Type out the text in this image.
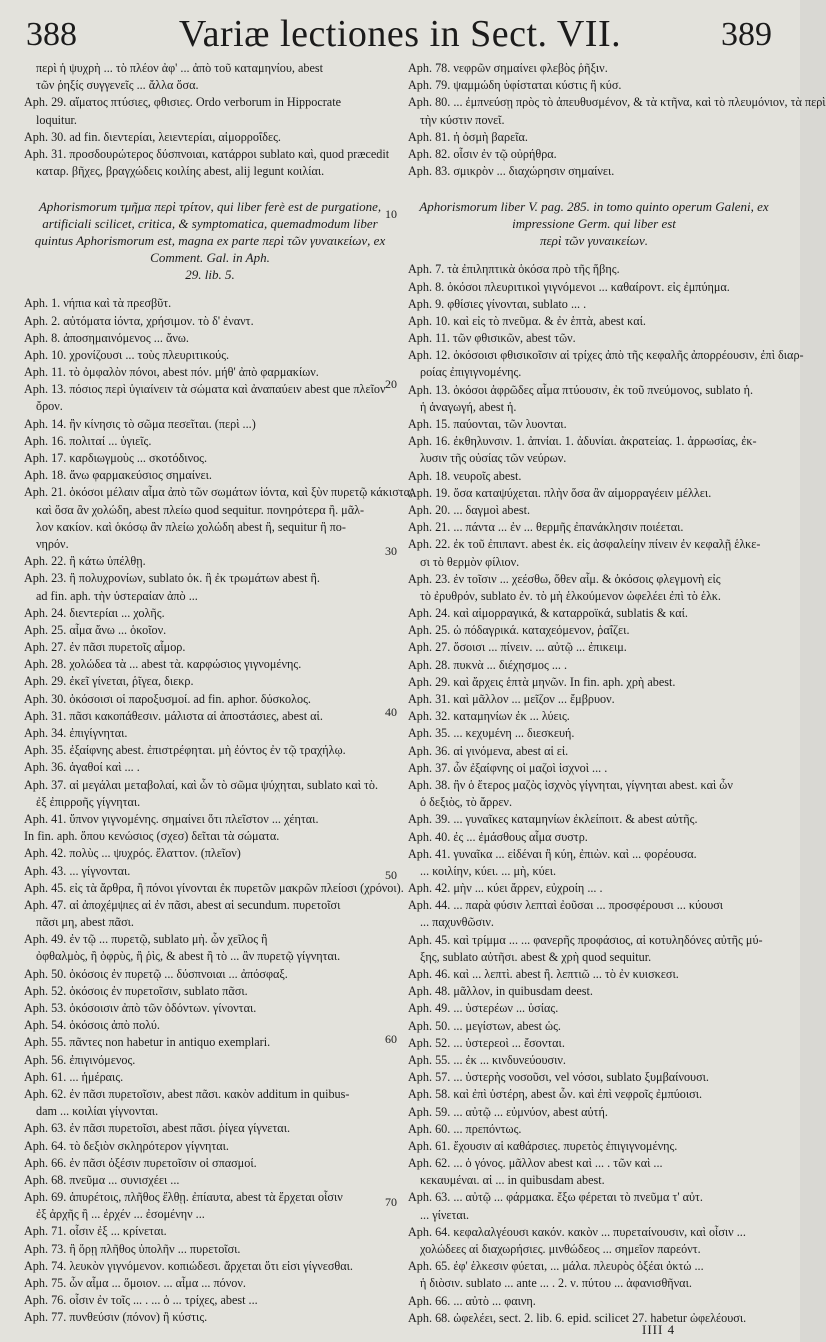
388	Variæ lectiones in Sect. VII.	389
περὶ ἡ ψυχρὴ ... τὸ πλέον ἀφ' ... ἀπὸ τοῦ καταμηνίου, abest
τῶν ῥηξίς συγγενεῖς ... ἄλλα ὅσα.
Aph. 29. αἵματος πτύσιες, φθισιες. Ordo verborum in Hippocrate
loquitur.
Aph. 30. ad fin. διεντερίαι, λειεντερίαι, αἱμορροΐδες.
Aph. 31. προσδουρώτερος δύσπνοιαι, κατάρροι sublato καὶ, quod præcedit
καταρ. βῆχες, βραγχώδεις κοιλίης abest, alij legunt κοιλίαι.
Aphorismorum τμῆμα περὶ τρίτον, qui liber ferè est de purgatione, artificiali scilicet, critica, & symptomatica, quemadmodum liber quintus Aphorismorum est, magna ex parte περὶ τῶν γυναικείων, ex Comment. Gal. in Aph.
29. lib. 5.
Aph. 1. νήπια καὶ τὰ πρεσβῦτ.
Aph. 2. αὐτόματα ἰόντα, χρήσιμον. τὸ δ' ἐναντ.
Aph. 8. ἀποσημαινόμενος ... ἄνω.
Aph. 10. χρονίζουσι ... τοὺς πλευριτικούς.
Aph. 11. τὸ ὀμφαλὸν πόνοι, abest πόν. μήθ' ἀπὸ φαρμακίων.
Aph. 13. πόσιος περὶ ὑγιαίνειν τὰ σώματα καὶ ἀναπαύειν abest que πλεῖον
ὄρον.
Aph. 14. ἢν κίνησις τὸ σῶμα πεσεῖται. (περὶ ...)
Aph. 16. πολιταί ... ὑγιεῖς.
Aph. 17. καρδιωγμοὺς ... σκοτόδινος.
Aph. 18. ἄνω φαρμακεύσιος σημαίνει.
Aph. 21. ὁκόσοι μέλαιν αἷμα ἀπὸ τῶν σωμάτων ἰόντα, καὶ ξὺν πυρετῷ κάκιστα,
καὶ ὅσα ἂν χολώδη, abest πλείω quod sequitur. πονηρότερα ἢ. μᾶλ-
λον κακίον. καὶ ὁκόσῳ ἂν πλείω χολώδη abest ἢ, sequitur ἢ πο-
νηρόν.
Aph. 22. ἢ κάτω ὑπέλθῃ.
Aph. 23. ἢ πολυχρονίων, sublato ὁκ. ἢ ἐκ τρωμάτων abest ἢ.
ad fin. aph. τὴν ὑστεραίαν ἀπὸ ...
Aph. 24. διεντερίαι ... χολῆς.
Aph. 25. αἷμα ἄνω ... ὁκοῖον.
Aph. 27. ἐν πᾶσι πυρετοῖς αἷμορ.
Aph. 28. χολώδεα τὰ ... abest τὰ. καρφώσιος γιγνομένης.
Aph. 29. ἐκεῖ γίνεται, ῥῖγεα, διεκρ.
Aph. 30. ὁκόσοισι οἱ παροξυσμοί. ad fin. aphor. δύσκολος.
Aph. 31. πᾶσι κακοπάθεσιν. μάλιστα αἱ ἀποστάσιες, abest αἱ.
Aph. 34. ἐπιγίγνηται.
Aph. 35. ἐξαίφνης abest. ἐπιστρέφηται. μὴ ἐόντος ἐν τῷ τραχήλῳ.
Aph. 36. ἀγαθοί καὶ ... .
Aph. 37. αἱ μεγάλαι μεταβολαί, καὶ ὧν τὸ σῶμα ψύχηται, sublato καὶ τὸ.
ἐξ ἐπιρροῆς γίγνηται.
Aph. 41. ὕπνον γιγνομένης. σημαίνει ὅτι πλεῖστον ... χέηται.
In fin. aph. ὅπου κενώσιος (σχεσ) δεῖται τὰ σώματα.
Aph. 42. πολὺς ... ψυχρός. ἔλαττον. (πλεῖον)
Aph. 43. ... γίγνονται.
Aph. 45. εἰς τὰ ἄρθρα, ἢ πόνοι γίνονται ἐκ πυρετῶν μακρῶν πλείοσι (χρόνοι).
Aph. 47. αἱ ἀποχέμψιες αἱ ἐν πᾶσι, abest αἱ secundum. πυρετοῖσι
πᾶσι μη, abest πᾶσι.
Aph. 49. ἐν τῷ ... πυρετῷ, sublato μὴ. ὧν χεῖλος ἢ
ὀφθαλμὸς, ἢ ὀφρὺς, ἢ ῥὶς, & abest ἢ τὸ ... ἂν πυρετῷ γίγνηται.
Aph. 50. ὁκόσοις ἐν πυρετῷ ... δύσπνοιαι ... ἀπόσφαξ.
Aph. 52. ὁκόσοις ἐν πυρετοῖσιν, sublato πᾶσι.
Aph. 53. ὁκόσοισιν ἀπὸ τῶν ὀδόντων. γίνονται.
Aph. 54. ὁκόσοις ἀπὸ πολύ.
Aph. 55. πᾶντες non habetur in antiquo exemplari.
Aph. 56. ἐπιγινόμενος.
Aph. 61. ... ἡμέραις.
Aph. 62. ἐν πᾶσι πυρετοῖσιν, abest πᾶσι. κακὸν additum in quibus-
dam ... κοιλίαι γίγνονται.
Aph. 63. ἐν πᾶσι πυρετοῖσι, abest πᾶσι. ῥίγεα γίγνεται.
Aph. 64. τὸ δεξιὸν σκληρότερον γίγνηται.
Aph. 66. ἐν πᾶσι ὀξέσιν πυρετοῖσιν οἱ σπασμοί.
Aph. 68. πνεῦμα ... συνισχέει ...
Aph. 69. ἀπυρέτοις, πλῆθος ἔλθῃ. ἐπίαυτα, abest τὰ ἔρχεται οἷσιν
ἐξ ἀρχῆς ἢ ... ἐρχέν ... ἐσομένην ...
Aph. 71. οἷσιν ἐξ ... κρίνεται.
Aph. 73. ἢ ὅρῃ πλῆθος ὑπολῆν ... πυρετοῖσι.
Aph. 74. λευκὸν γιγνόμενον. κοπιώδεσι. ἄρχεται ὅτι εἰσι γίγνεσθαι.
Aph. 75. ὧν αἷμα ... ὅμοιον. ... αἷμα ... πόνον.
Aph. 76. οἷσιν ἐν τοῖς ... . ... ὁ ... τρίχες, abest ...
Aph. 77. πυνθεύσιν (πόνον) ἢ κύστις.
Aph. 78. νεφρῶν σημαίνει φλεβὸς ῥῆξιν.
Aph. 79. ψαμμώδη ὑφίσταται κύστις ἢ κύσ.
Aph. 80. ... ἐμπνεύσῃ πρὸς τὸ ἀπευθυσμένον, & τὰ κτῆνα, καὶ τὸ πλευμόνιον, τὰ περὶ
τὴν κύστιν πονεῖ.
Aph. 81. ἡ ὀσμὴ βαρεῖα.
Aph. 82. οἷσιν ἐν τῷ οὐρήθρα.
Aph. 83. σμικρὸν ... διαχώρησιν σημαίνει.
Aphorismorum liber V. pag. 285. in tomo quinto operum Galeni, ex impressione Germ. qui liber est
περὶ τῶν γυναικείων.
Aph. 7. τὰ ἐπιληπτικὰ ὁκόσα πρὸ τῆς ἥβης.
Aph. 8. ὁκόσοι πλευριτικοὶ γιγνόμενοι ... καθαίροντ. εἰς ἐμπύημα.
Aph. 9. φθίσιες γίνονται, sublato ... .
Aph. 10. καὶ εἰς τὸ πνεῦμα. & ἐν ἑπτὰ, abest καί.
Aph. 11. τῶν φθισικῶν, abest τῶν.
Aph. 12. ὁκόσοισι φθισικοῖσιν αἱ τρίχες ἀπὸ τῆς κεφαλῆς ἀπορρέουσιν, ἐπὶ διαρ-
ροίας ἐπιγιγνομένης.
Aph. 13. ὁκόσοι ἀφρῶδες αἷμα πτύουσιν, ἐκ τοῦ πνεύμονος, sublato ἡ.
ἡ ἀναγωγή, abest ἡ.
Aph. 15. παύονται, τῶν λυονται.
Aph. 16. ἐκθηλυνσιν. 1. ἀπνίαι. 1. ἀδυνίαι. ἀκρατείας. 1. ἀρρωσίας, ἐκ-
λυσιν τῆς οὐσίας τῶν νεύρων.
Aph. 18. νευροῖς abest.
Aph. 19. ὅσα καταψύχεται. πλὴν ὅσα ἂν αἱμορραγέειν μέλλει.
Aph. 20. ... δαγμοὶ abest.
Aph. 21. ... πάντα ... ἐν ... θερμῆς ἐπανάκλησιν ποιέεται.
Aph. 22. ἐκ τοῦ ἐπιπαντ. abest ἐκ. εἰς ἀσφαλείην πίνειν ἐν κεφαλῇ ἑλκε-
σι τὸ θερμὸν φίλιον.
Aph. 23. ἐν τοῖσιν ... χεέσθω, ὅθεν αἷμ. & ὁκόσοις φλεγμονὴ εἰς
τὸ ἐρυθρόν, sublato ἐν. τὸ μὴ ἑλκούμενον ὠφελέει ἐπὶ τὸ ἑλκ.
Aph. 24. καὶ αἱμορραγικά, & καταρροϊκά, sublatis & καί.
Aph. 25. ὡ πόδαγρικά. καταχεόμενον, ῥαΐζει.
Aph. 27. ὅσοισι ... πίνειν. ... αὐτῷ ... ἐπικειμ.
Aph. 28. πυκνὰ ... διέχησμος ... .
Aph. 29. καὶ ἄρχεις ἑπτὰ μηνῶν. In fin. aph. χρὴ abest.
Aph. 31. καὶ μᾶλλον ... μεῖζον ... ἔμβρυον.
Aph. 32. καταμηνίων ἐκ ... λύεις.
Aph. 35. ... κεχυμένη ... διεσκευή.
Aph. 36. αἱ γινόμενα, abest αἱ εἰ.
Aph. 37. ὧν ἐξαίφνης οἱ μαζοὶ ἰσχνοὶ ... .
Aph. 38. ἢν ὁ ἕτερος μαζὸς ἰσχνὸς γίγνηται, γίγνηται abest. καὶ ὧν
ὁ δεξιὸς, τὸ ἄρρεν.
Aph. 39. ... γυναῖκες καταμηνίων ἐκλείποιτ. & abest αὐτῆς.
Aph. 40. ἐς ... ἐμάσθους αἷμα συστρ.
Aph. 41. γυναῖκα ... εἰδέναι ἢ κύη, ἐπιὼν. καὶ ... φορέουσα.
... κοιλίην, κύει. ... μὴ, κύει.
Aph. 42. μὴν ... κύει ἄρρεν, εὐχροίη ... .
Aph. 44. ... παρὰ φύσιν λεπταὶ ἐοῦσαι ... προσφέρουσι ... κύουσι
... παχυνθῶσιν.
Aph. 45. καὶ τρίμμα ... ... φανερῆς προφάσιος, αἱ κοτυληδόνες αὐτῆς μύ-
ξης, sublato αὐτῆσι. abest & χρὴ quod sequitur.
Aph. 46. καὶ ... λεπτὶ. abest ἢ. λεπτιῶ ... τὸ ἐν κυισκεσι.
Aph. 48. μᾶλλον, in quibusdam deest.
Aph. 49. ... ὑστερέων ... ὑσίας.
Aph. 50. ... μεγίστων, abest ὡς.
Aph. 52. ... ὑστερεοὶ ... ἔσονται.
Aph. 55. ... ἐκ ... κινδυνεύουσιν.
Aph. 57. ... ὑστερὴς νοσοῦσι, vel νόσοι, sublato ξυμβαίνουσι.
Aph. 58. καὶ ἐπὶ ὑστέρη, abest ὧν. καὶ ἐπὶ νεφροῖς ἐμπύοισι.
Aph. 59. ... αὐτῷ ... εὐμνύον, abest αὐτή.
Aph. 60. ... πρεπόντως.
Aph. 61. ἔχουσιν αἱ καθάρσιες. πυρετὸς ἐπιγιγνομένης.
Aph. 62. ... ὁ γόνος. μᾶλλον abest καὶ ... . τῶν καὶ ...
κεκαυμέναι. αἱ ... in quibusdam abest.
Aph. 63. ... αὐτῷ ... φάρμακα. ἔξω φέρεται τὸ πνεῦμα τ' αὐτ.
... γίνεται.
Aph. 64. κεφαλαλγέουσι κακόν. κακὸν ... πυρεταίνουσιν, καὶ οἷσιν ...
χολώδεες αἱ διαχωρήσιες. μινθώδεος ... σημεῖον παρεόντ.
Aph. 65. ἐφ' ἑλκεσιν φύεται, ... μάλα. πλευρὸς ὀξέαι ὀκτώ ...
ἡ διὸσιν. sublato ... ante ... . 2. ν. πύτου ... ἀφανισθῆναι.
Aph. 66. ... αὐτὸ ... φαινη.
Aph. 68. ὠφελέει, sect. 2. lib. 6. epid. scilicet 27. habetur ὠφελέουσι.
10
20
30
40
50
60
70
IIII 4
